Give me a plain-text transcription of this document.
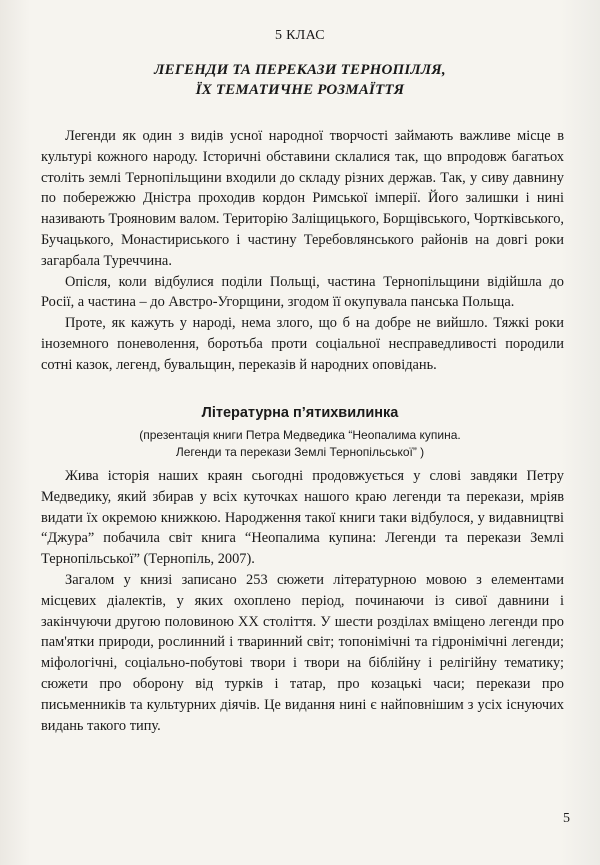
5 КЛАС
ЛЕГЕНДИ ТА ПЕРЕКАЗИ ТЕРНОПІЛЛЯ,
ЇХ ТЕМАТИЧНЕ РОЗМАЇТТЯ

Легенди як один з видів усної народної творчості займають важливе місце в культурі кожного народу. Історичні обставини склалися так, що впродовж багатьох століть землі Тернопільщини входили до складу різних держав. Так, у сиву давнину по побережжю Дністра проходив кордон Римської імперії. Його залишки і нині називають Трояновим валом. Територію Заліщицького, Борщівського, Чортківського, Бучацького, Монастириського і частину Теребовлянського районів на довгі роки загарбала Туреччина.

Опісля, коли відбулися поділи Польщі, частина Тернопільщини відійшла до Росії, а частина – до Австро-Угорщини, згодом її окупувала панська Польща.

Проте, як кажуть у народі, нема злого, що б на добре не вийшло. Тяжкі роки іноземного поневолення, боротьба проти соціальної несправедливості породили сотні казок, легенд, бувальщин, переказів й народних оповідань.

Літературна п’ятихвилинка
(презентація книги Петра Медведика “Неопалима купина.
Легенди та перекази Землі Тернопільської” )

Жива історія наших краян сьогодні продовжується у слові завдяки Петру Медведику, який збирав у всіх куточках нашого краю легенди та перекази, мріяв видати їх окремою книжкою. Народження такої книги таки відбулося, у видавництві “Джура” побачила світ книга “Неопалима купина: Легенди та перекази Землі Тернопільської” (Тернопіль, 2007).

Загалом у книзі записано 253 сюжети літературною мовою з елементами місцевих діалектів, у яких охоплено період, починаючи із сивої давнини і закінчуючи другою половиною ХХ століття. У шести розділах вміщено легенди про пам'ятки природи, рослинний і тваринний світ; топонімічні та гідронімічні легенди; міфологічні, соціально-побутові твори і твори на біблійну і релігійну тематику; сюжети про оборону від турків і татар, про козацькі часи; перекази про письменників та культурних діячів. Це видання нині є найповнішим з усіх існуючих видань такого типу.

5
